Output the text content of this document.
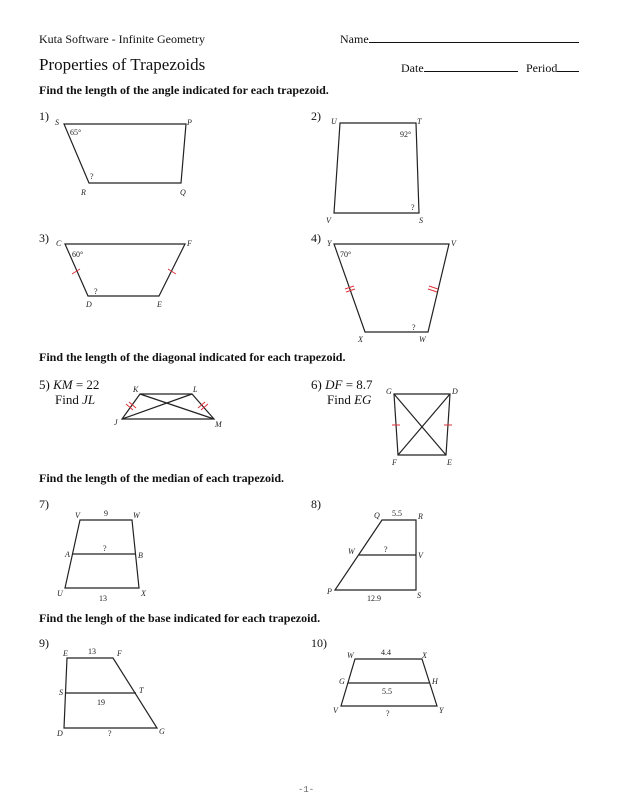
Kuta Software - Infinite Geometry	Name
Properties of Trapezoids	Date	Period
Find the length of the angle indicated for each trapezoid.
1) S	P
Q
R
65°
?
2) U	T
S
V
92°
?
3) C	F
E
D
60°
?
4) Y	V
W
X
70°
?
Find the length of the diagonal indicated for each trapezoid.
5) KM = 22
Find JL
K	L
M
J
6) DF = 8.7
Find EG
G	D
E
F
Find the length of the median of each trapezoid.
7)
V	W
X
U
A	B
9
?
13
8)
Q	R
S
P
W	V
5.5
?
12.9
Find the lengh of the base indicated for each trapezoid.
9)
E	F
G
D
S	T
13
19
?
10)
W	X
Y
V
G	H
4.4
5.5
?
-1-
